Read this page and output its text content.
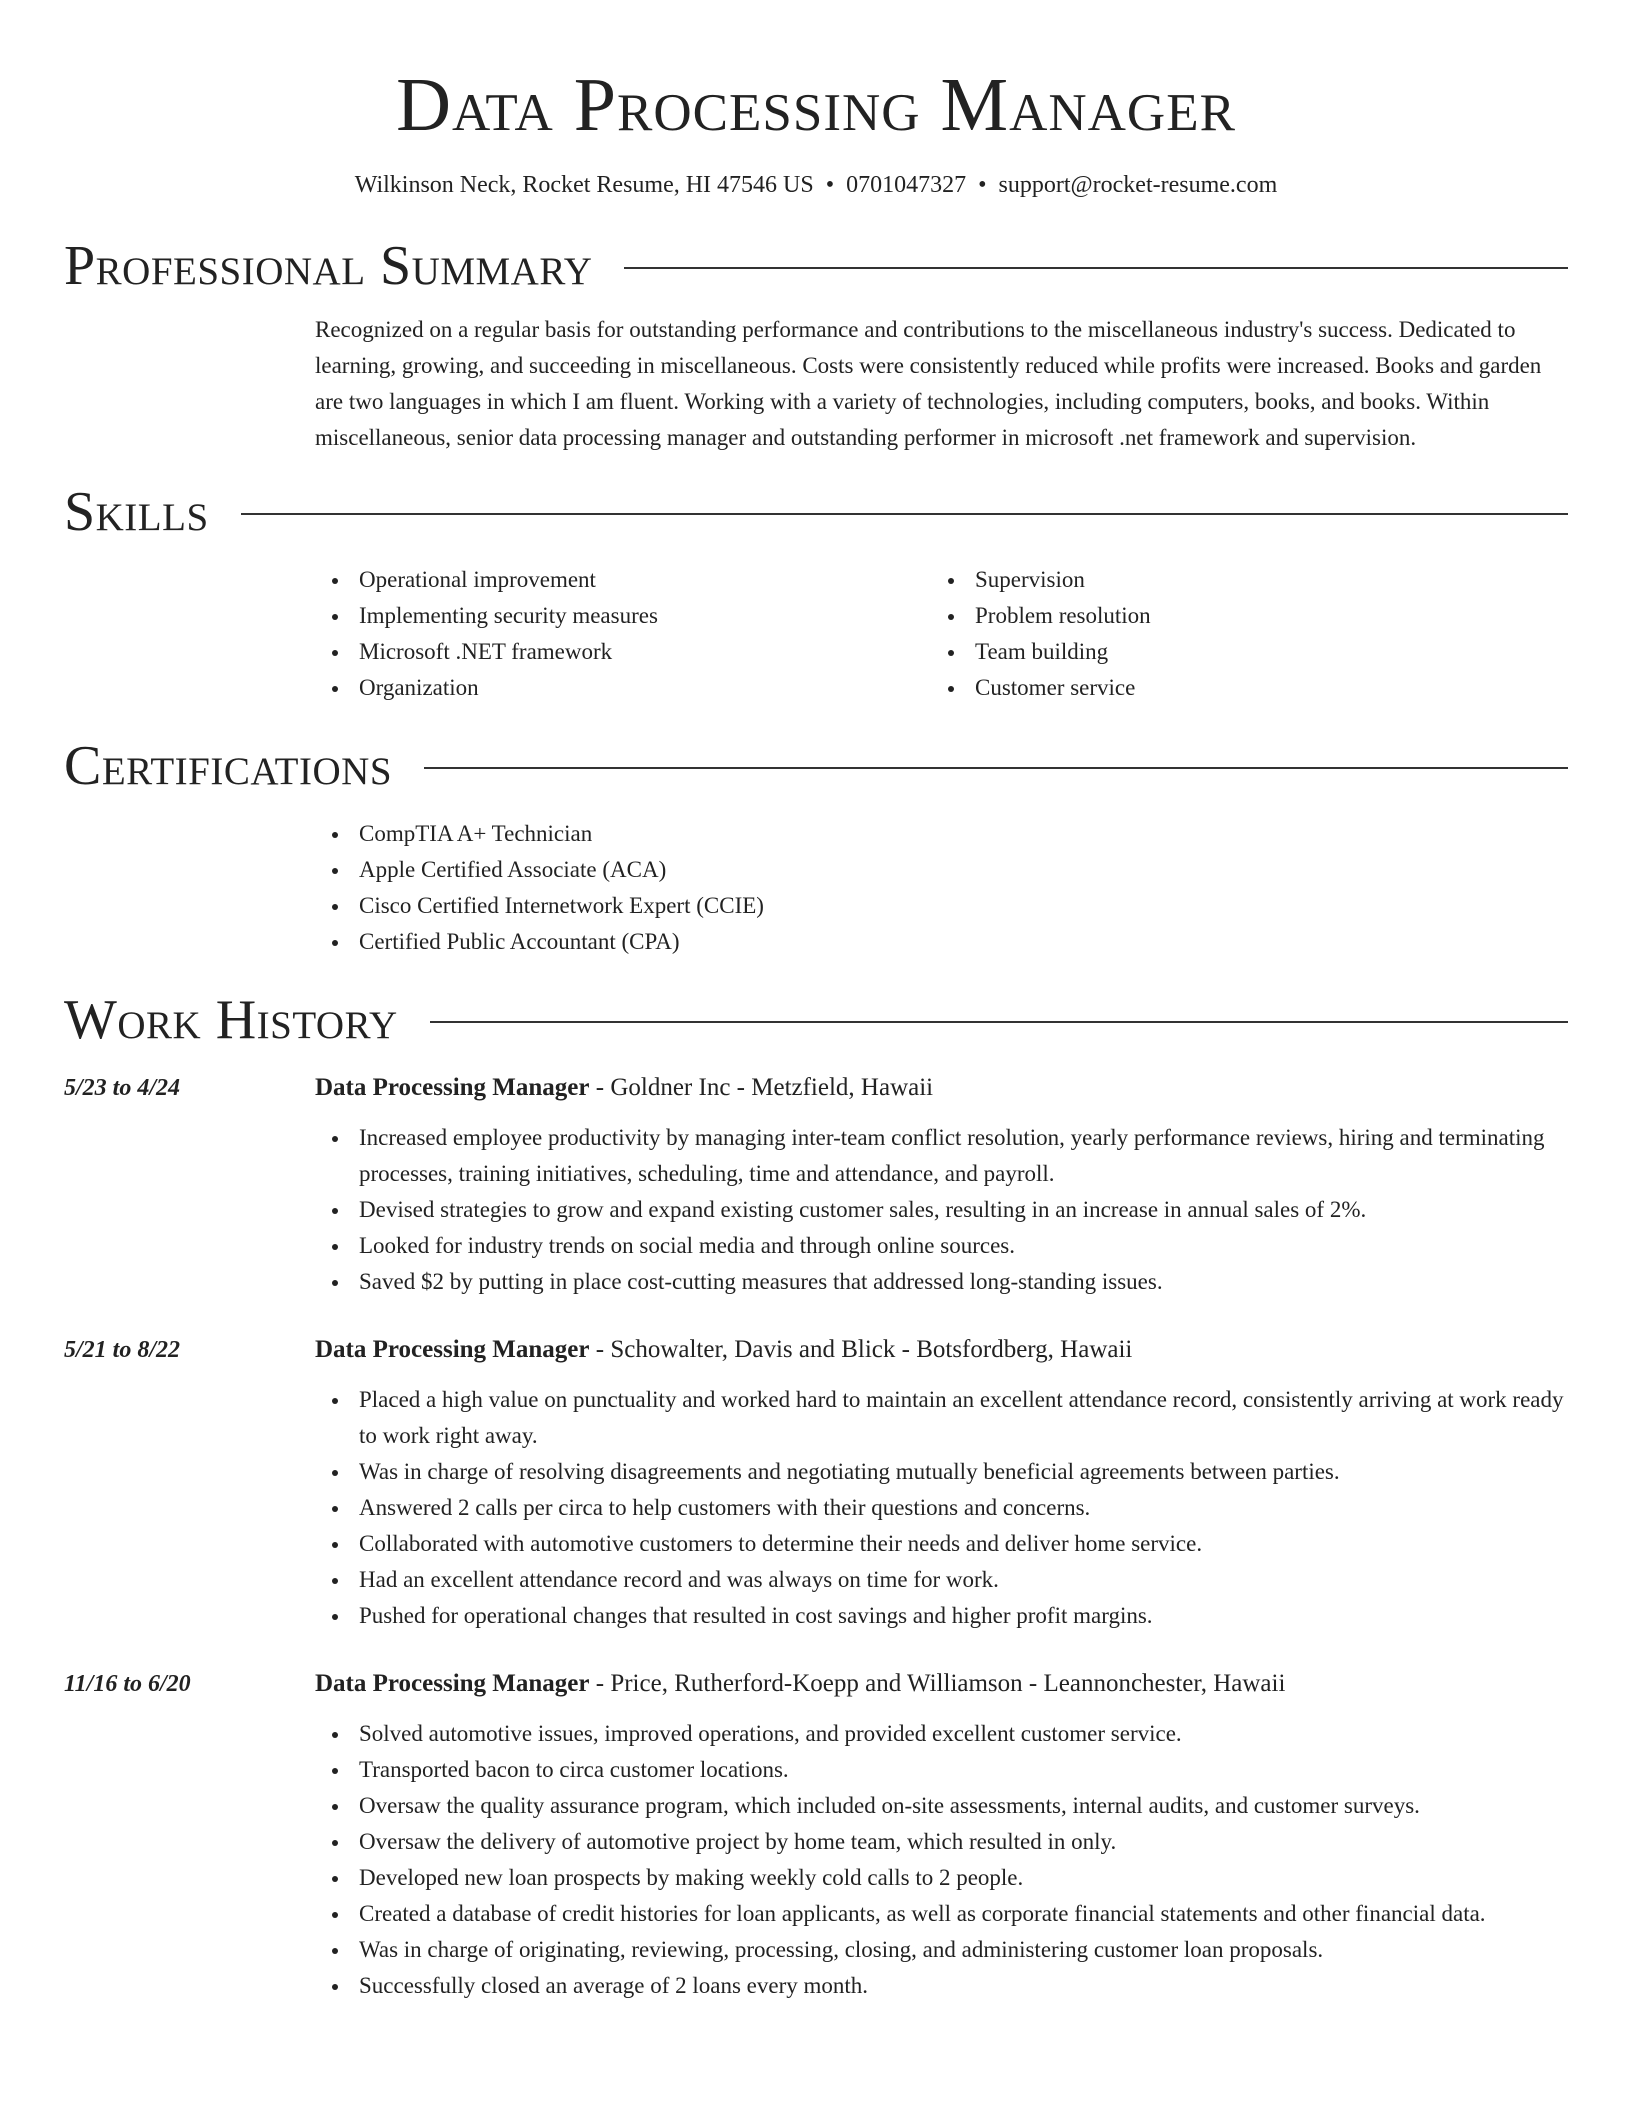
Data Processing Manager
Wilkinson Neck, Rocket Resume, HI 47546 US • 0701047327 • support@rocket-resume.com
Professional Summary

Recognized on a regular basis for outstanding performance and contributions to the miscellaneous industry's success. Dedicated to learning, growing, and succeeding in miscellaneous. Costs were consistently reduced while profits were increased. Books and garden are two languages in which I am fluent. Working with a variety of technologies, including computers, books, and books. Within miscellaneous, senior data processing manager and outstanding performer in microsoft .net framework and supervision.

Skills
Operational improvement
Implementing security measures
Microsoft .NET framework
Organization
Supervision
Problem resolution
Team building
Customer service
Certifications
CompTIA A+ Technician
Apple Certified Associate (ACA)
Cisco Certified Internetwork Expert (CCIE)
Certified Public Accountant (CPA)
Work History
5/23 to 4/24	Data Processing Manager - Goldner Inc - Metzfield, Hawaii
Increased employee productivity by managing inter-team conflict resolution, yearly performance reviews, hiring and terminating processes, training initiatives, scheduling, time and attendance, and payroll.
Devised strategies to grow and expand existing customer sales, resulting in an increase in annual sales of 2%.
Looked for industry trends on social media and through online sources.
Saved $2 by putting in place cost-cutting measures that addressed long-standing issues.
5/21 to 8/22	Data Processing Manager - Schowalter, Davis and Blick - Botsfordberg, Hawaii
Placed a high value on punctuality and worked hard to maintain an excellent attendance record, consistently arriving at work ready to work right away.
Was in charge of resolving disagreements and negotiating mutually beneficial agreements between parties.
Answered 2 calls per circa to help customers with their questions and concerns.
Collaborated with automotive customers to determine their needs and deliver home service.
Had an excellent attendance record and was always on time for work.
Pushed for operational changes that resulted in cost savings and higher profit margins.
11/16 to 6/20	Data Processing Manager - Price, Rutherford-Koepp and Williamson - Leannonchester, Hawaii
Solved automotive issues, improved operations, and provided excellent customer service.
Transported bacon to circa customer locations.
Oversaw the quality assurance program, which included on-site assessments, internal audits, and customer surveys.
Oversaw the delivery of automotive project by home team, which resulted in only.
Developed new loan prospects by making weekly cold calls to 2 people.
Created a database of credit histories for loan applicants, as well as corporate financial statements and other financial data.
Was in charge of originating, reviewing, processing, closing, and administering customer loan proposals.
Successfully closed an average of 2 loans every month.
